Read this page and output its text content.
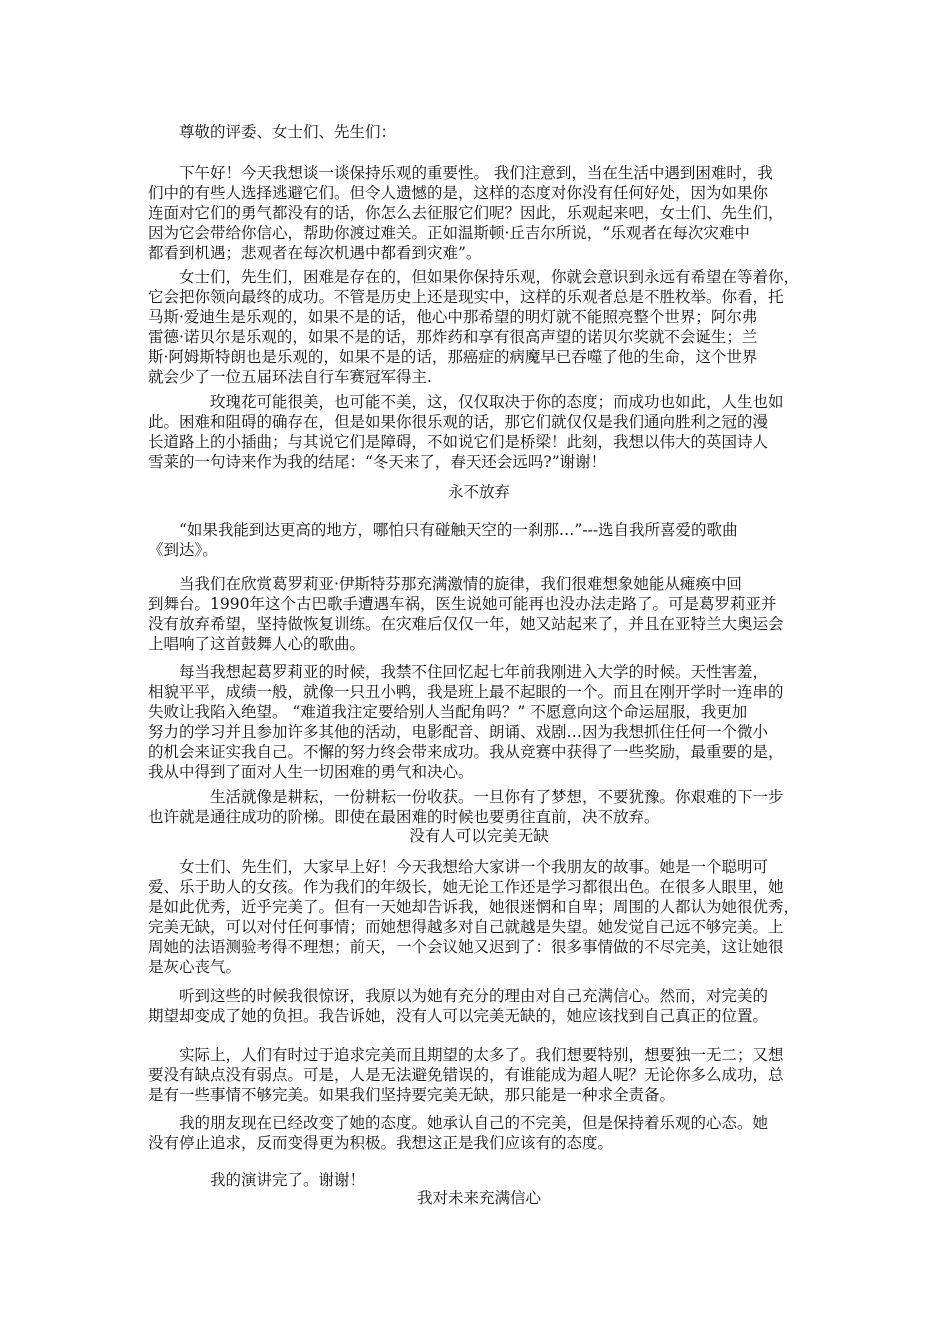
尊敬的评委、女士们、先生们：

下午好！今天我想谈一谈保持乐观的重要性。 我们注意到，当在生活中遇到困难时，我
们中的有些人选择逃避它们。但令人遗憾的是，这样的态度对你没有任何好处，因为如果你
连面对它们的勇气都没有的话，你怎么去征服它们呢？因此，乐观起来吧，女士们、先生们，
因为它会带给你信心，帮助你渡过难关。正如温斯顿·丘吉尔所说，“乐观者在每次灾难中
都看到机遇；悲观者在每次机遇中都看到灾难”。

女士们，先生们，困难是存在的，但如果你保持乐观，你就会意识到永远有希望在等着你，
它会把你领向最终的成功。不管是历史上还是现实中，这样的乐观者总是不胜枚举。你看，托
马斯·爱迪生是乐观的，如果不是的话，他心中那希望的明灯就不能照亮整个世界；阿尔弗
雷德·诺贝尔是乐观的，如果不是的话，那炸药和享有很高声望的诺贝尔奖就不会诞生；兰
斯·阿姆斯特朗也是乐观的，如果不是的话，那癌症的病魔早已吞噬了他的生命，这个世界
就会少了一位五届环法自行车赛冠军得主.

玫瑰花可能很美，也可能不美，这，仅仅取决于你的态度；而成功也如此，人生也如
此。困难和阻碍的确存在，但是如果你很乐观的话，那它们就仅仅是我们通向胜利之冠的漫
长道路上的小插曲；与其说它们是障碍，不如说它们是桥梁！此刻，我想以伟大的英国诗人
雪莱的一句诗来作为我的结尾：“冬天来了，春天还会远吗?”谢谢！

永不放弃

“如果我能到达更高的地方，哪怕只有碰触天空的一刹那…”---选自我所喜爱的歌曲
《到达》。

当我们在欣赏葛罗莉亚·伊斯特芬那充满激情的旋律，我们很难想象她能从瘫痪中回
到舞台。1990年这个古巴歌手遭遇车祸，医生说她可能再也没办法走路了。可是葛罗莉亚并
没有放弃希望，坚持做恢复训练。在灾难后仅仅一年，她又站起来了，并且在亚特兰大奥运会
上唱响了这首鼓舞人心的歌曲。

每当我想起葛罗莉亚的时候，我禁不住回忆起七年前我刚进入大学的时候。天性害羞，
相貌平平，成绩一般，就像一只丑小鸭，我是班上最不起眼的一个。而且在刚开学时一连串的
失败让我陷入绝望。 “难道我注定要给别人当配角吗？” 不愿意向这个命运屈服，我更加
努力的学习并且参加许多其他的活动，电影配音、朗诵、戏剧…因为我想抓住任何一个微小
的机会来证实我自己。不懈的努力终会带来成功。我从竞赛中获得了一些奖励，最重要的是，
我从中得到了面对人生一切困难的勇气和决心。

生活就像是耕耘，一份耕耘一份收获。一旦你有了梦想，不要犹豫。你艰难的下一步
也许就是通往成功的阶梯。即使在最困难的时候也要勇往直前，决不放弃。

没有人可以完美无缺

女士们、先生们，大家早上好！今天我想给大家讲一个我朋友的故事。她是一个聪明可
爱、乐于助人的女孩。作为我们的年级长，她无论工作还是学习都很出色。在很多人眼里，她
是如此优秀，近乎完美了。但有一天她却告诉我，她很迷惘和自卑；周围的人都认为她很优秀，
完美无缺，可以对付任何事情；而她想得越多对自己就越是失望。她发觉自己远不够完美。上
周她的法语测验考得不理想；前天，一个会议她又迟到了：很多事情做的不尽完美，这让她很
是灰心丧气。

听到这些的时候我很惊讶，我原以为她有充分的理由对自己充满信心。然而，对完美的
期望却变成了她的负担。我告诉她，没有人可以完美无缺的，她应该找到自己真正的位置。

实际上，人们有时过于追求完美而且期望的太多了。我们想要特别，想要独一无二；又想
要没有缺点没有弱点。可是，人是无法避免错误的，有谁能成为超人呢？无论你多么成功，总
是有一些事情不够完美。如果我们坚持要完美无缺，那只能是一种求全责备。

我的朋友现在已经改变了她的态度。她承认自己的不完美，但是保持着乐观的心态。她
没有停止追求，反而变得更为积极。我想这正是我们应该有的态度。

我的演讲完了。谢谢！

我对未来充满信心
